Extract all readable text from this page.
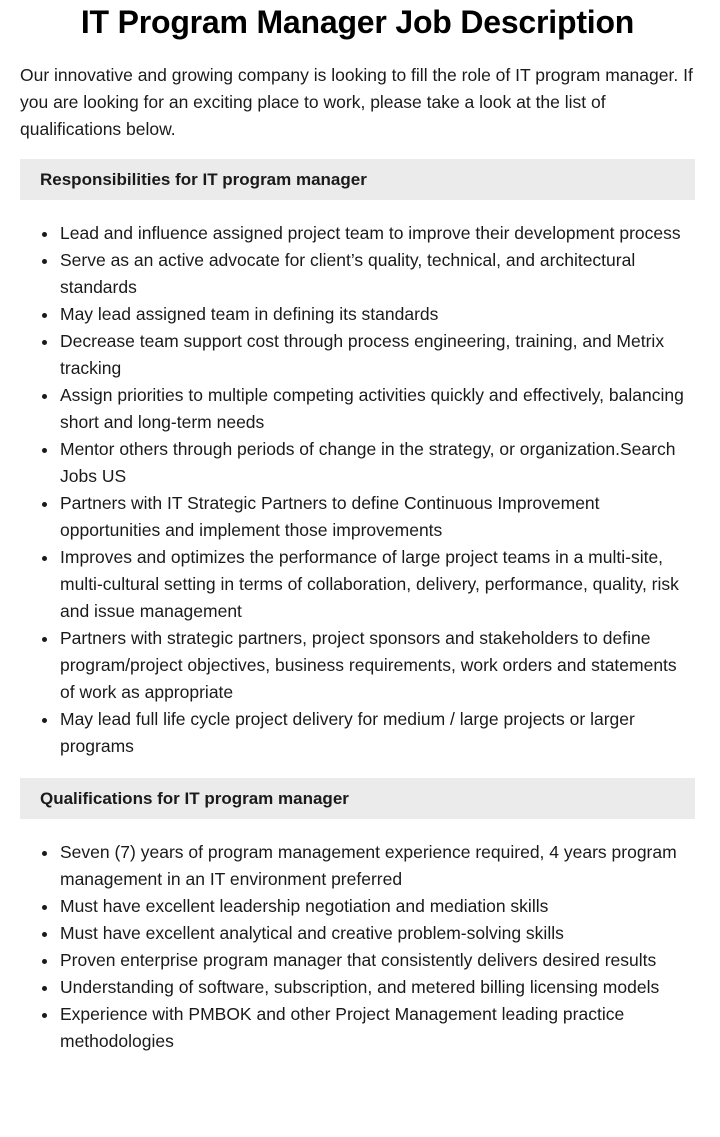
IT Program Manager Job Description

Our innovative and growing company is looking to fill the role of IT program manager. If you are looking for an exciting place to work, please take a look at the list of qualifications below.

Responsibilities for IT program manager
Lead and influence assigned project team to improve their development process
Serve as an active advocate for client’s quality, technical, and architectural standards
May lead assigned team in defining its standards
Decrease team support cost through process engineering, training, and Metrix tracking
Assign priorities to multiple competing activities quickly and effectively, balancing short and long-term needs
Mentor others through periods of change in the strategy, or organization.Search Jobs US
Partners with IT Strategic Partners to define Continuous Improvement opportunities and implement those improvements
Improves and optimizes the performance of large project teams in a multi-site, multi-cultural setting in terms of collaboration, delivery, performance, quality, risk and issue management
Partners with strategic partners, project sponsors and stakeholders to define program/project objectives, business requirements, work orders and statements of work as appropriate
May lead full life cycle project delivery for medium / large projects or larger programs
Qualifications for IT program manager
Seven (7) years of program management experience required, 4 years program management in an IT environment preferred
Must have excellent leadership negotiation and mediation skills
Must have excellent analytical and creative problem-solving skills
Proven enterprise program manager that consistently delivers desired results
Understanding of software, subscription, and metered billing licensing models
Experience with PMBOK and other Project Management leading practice methodologies
